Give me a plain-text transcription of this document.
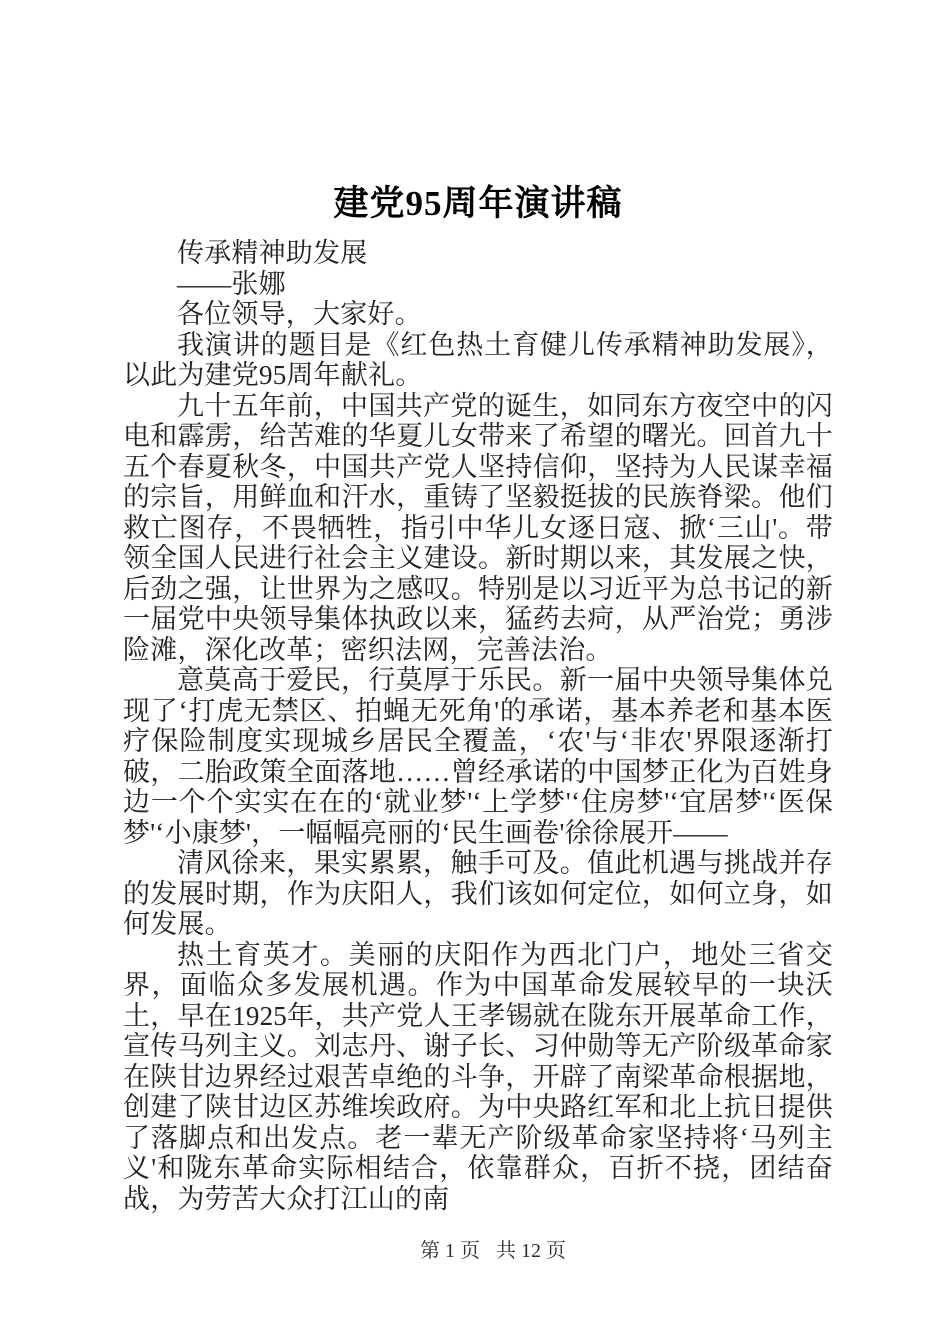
建党95周年演讲稿

传承精神助发展

——张娜

各位领导，大家好。

我演讲的题目是《红色热土育健儿传承精神助发展》，以此为建党95周年献礼。

九十五年前，中国共产党的诞生，如同东方夜空中的闪电和霹雳，给苦难的华夏儿女带来了希望的曙光。回首九十五个春夏秋冬，中国共产党人坚持信仰，坚持为人民谋幸福的宗旨，用鲜血和汗水，重铸了坚毅挺拔的民族脊梁。他们救亡图存，不畏牺牲，指引中华儿女逐日寇、掀‘三山'。带领全国人民进行社会主义建设。新时期以来，其发展之快，后劲之强，让世界为之感叹。特别是以习近平为总书记的新一届党中央领导集体执政以来，猛药去疴，从严治党；勇涉险滩，深化改革；密织法网，完善法治。

意莫高于爱民，行莫厚于乐民。新一届中央领导集体兑现了‘打虎无禁区、拍蝇无死角'的承诺，基本养老和基本医疗保险制度实现城乡居民全覆盖，‘农'与‘非农'界限逐渐打破，二胎政策全面落地……曾经承诺的中国梦正化为百姓身边一个个实实在在的‘就业梦'‘上学梦'‘住房梦'‘宜居梦'‘医保梦'‘小康梦'，一幅幅亮丽的‘民生画卷'徐徐展开——

清风徐来，果实累累，触手可及。值此机遇与挑战并存的发展时期，作为庆阳人，我们该如何定位，如何立身，如何发展。

热土育英才。美丽的庆阳作为西北门户，地处三省交界，面临众多发展机遇。作为中国革命发展较早的一块沃土，早在1925年，共产党人王孝锡就在陇东开展革命工作，宣传马列主义。刘志丹、谢子长、习仲勋等无产阶级革命家在陕甘边界经过艰苦卓绝的斗争，开辟了南梁革命根据地，创建了陕甘边区苏维埃政府。为中央路红军和北上抗日提供了落脚点和出发点。老一辈无产阶级革命家坚持将‘马列主义'和陇东革命实际相结合，依靠群众，百折不挠，团结奋战，为劳苦大众打江山的南

第 1 页 共 12 页
